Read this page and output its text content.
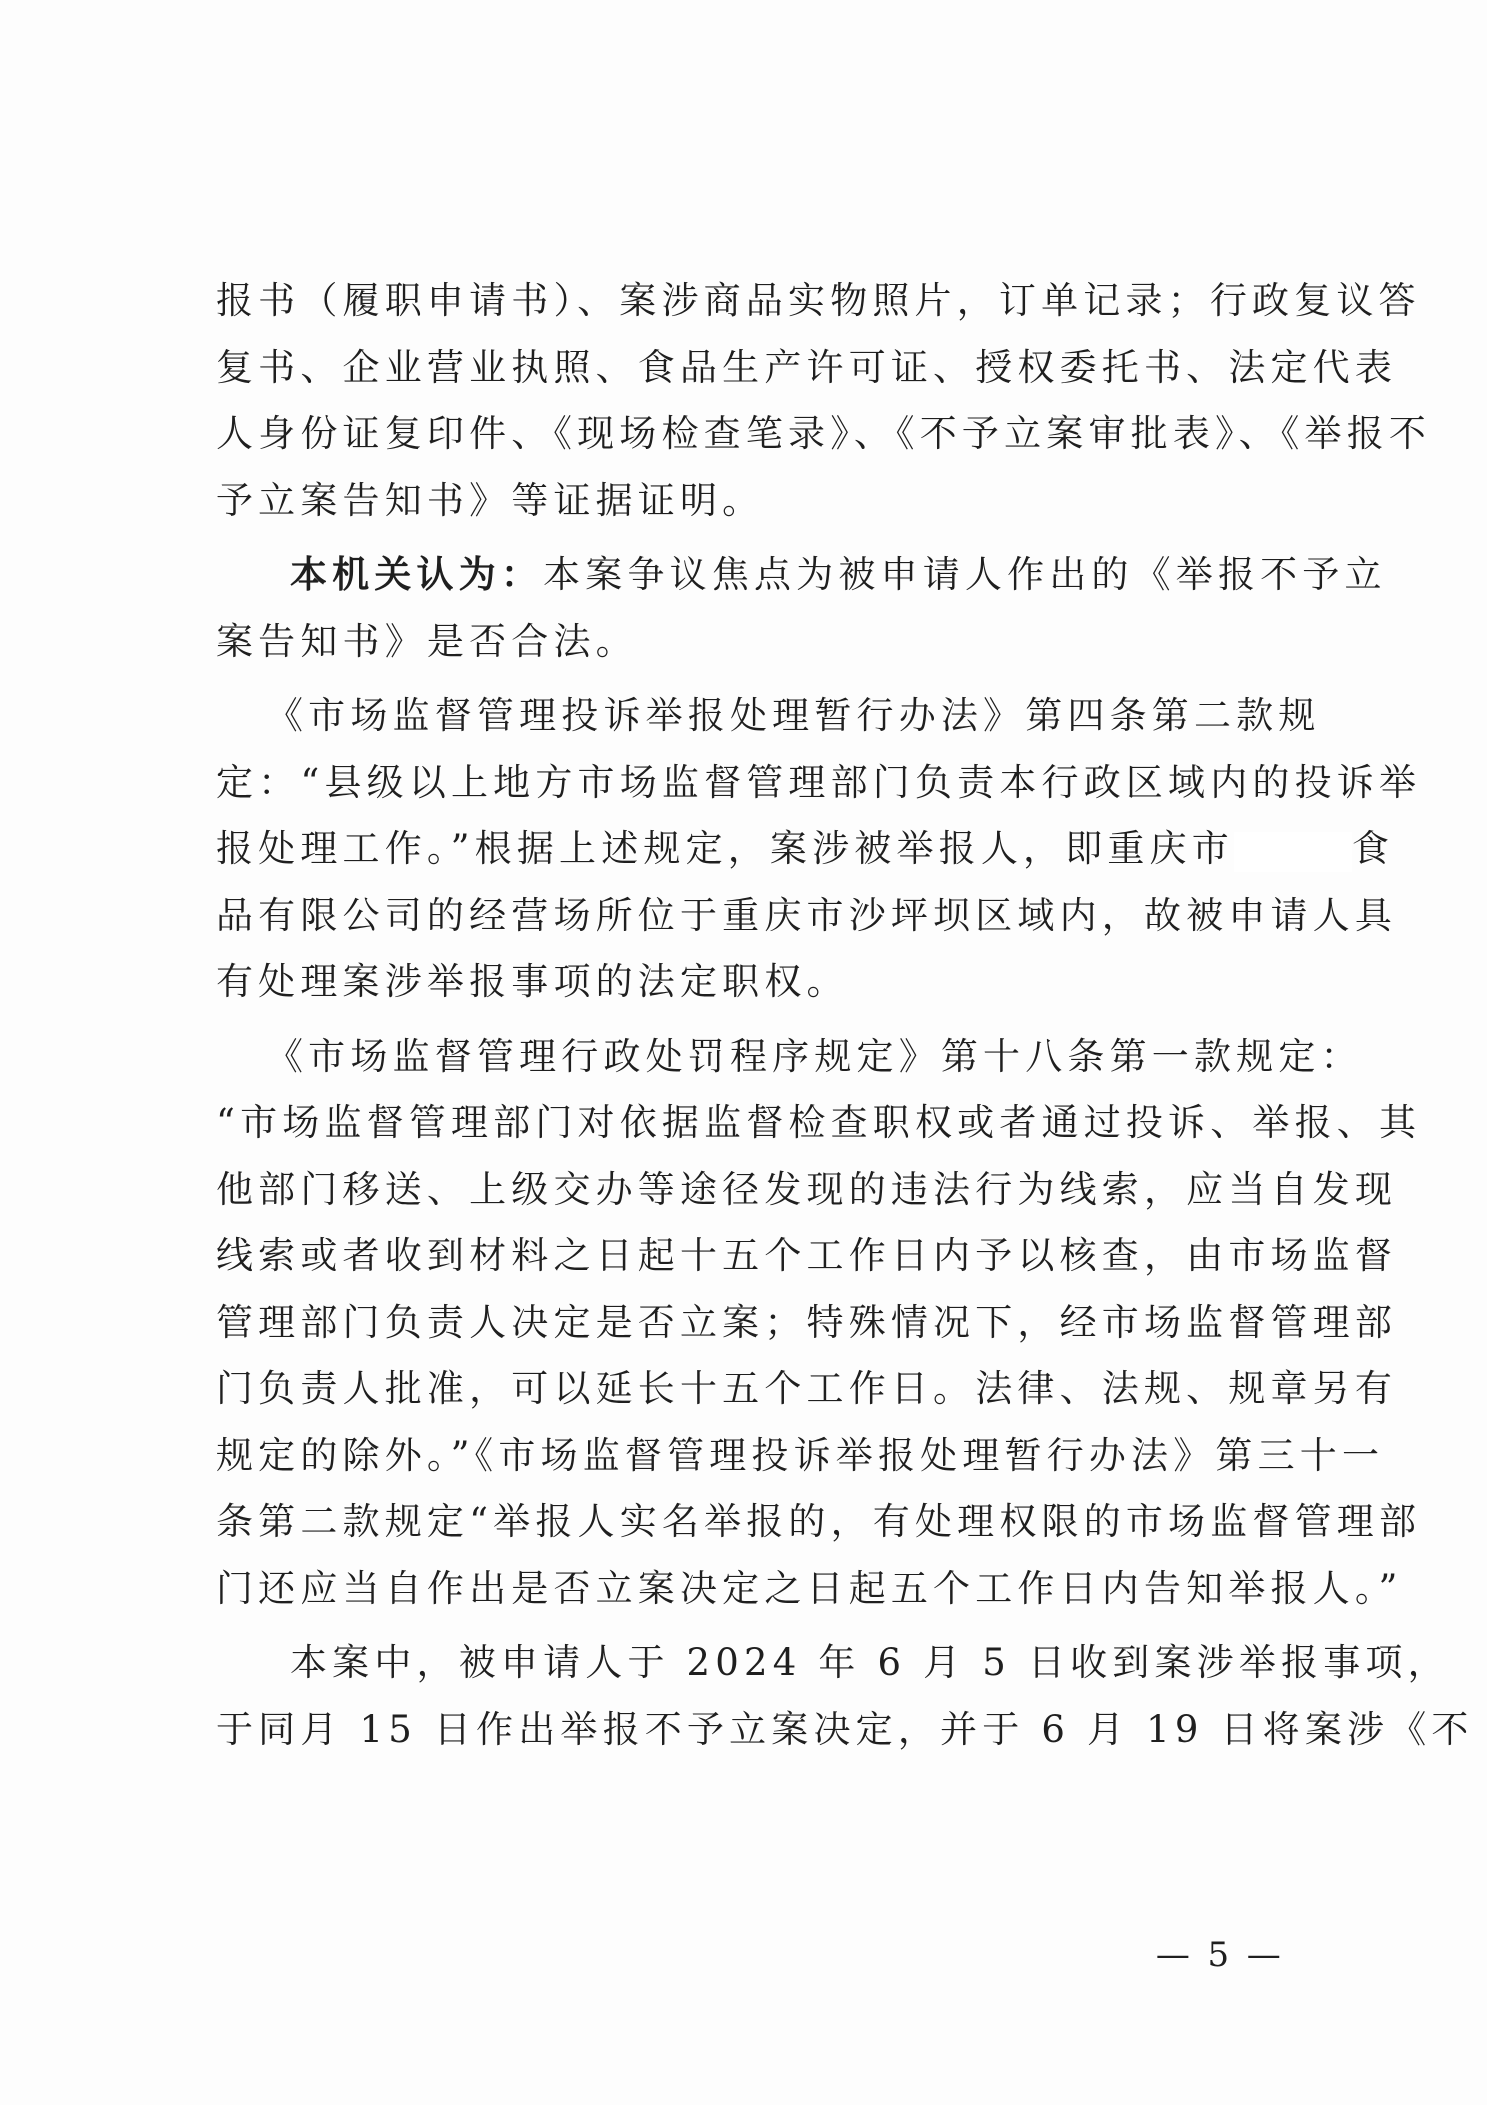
报书（履职申请书）、案涉商品实物照片，订单记录；行政复议答
复书、企业营业执照、食品生产许可证、授权委托书、法定代表
人身份证复印件、《现场检查笔录》、《不予立案审批表》、《举报不
予立案告知书》等证据证明。
本机关认为：本案争议焦点为被申请人作出的《举报不予立
案告知书》是否合法。
《市场监督管理投诉举报处理暂行办法》第四条第二款规
定：“县级以上地方市场监督管理部门负责本行政区域内的投诉举
报处理工作。”根据上述规定，案涉被举报人，即重庆市	食
品有限公司的经营场所位于重庆市沙坪坝区域内，故被申请人具
有处理案涉举报事项的法定职权。
《市场监督管理行政处罚程序规定》第十八条第一款规定：
“市场监督管理部门对依据监督检查职权或者通过投诉、举报、其
他部门移送、上级交办等途径发现的违法行为线索，应当自发现
线索或者收到材料之日起十五个工作日内予以核查，由市场监督
管理部门负责人决定是否立案；特殊情况下，经市场监督管理部
门负责人批准，可以延长十五个工作日。法律、法规、规章另有
规定的除外。”《市场监督管理投诉举报处理暂行办法》第三十一
条第二款规定“举报人实名举报的，有处理权限的市场监督管理部
门还应当自作出是否立案决定之日起五个工作日内告知举报人。”
本案中，被申请人于 2024 年 6 月 5 日收到案涉举报事项，
于同月 15 日作出举报不予立案决定，并于 6 月 19 日将案涉《不
— 5 —
